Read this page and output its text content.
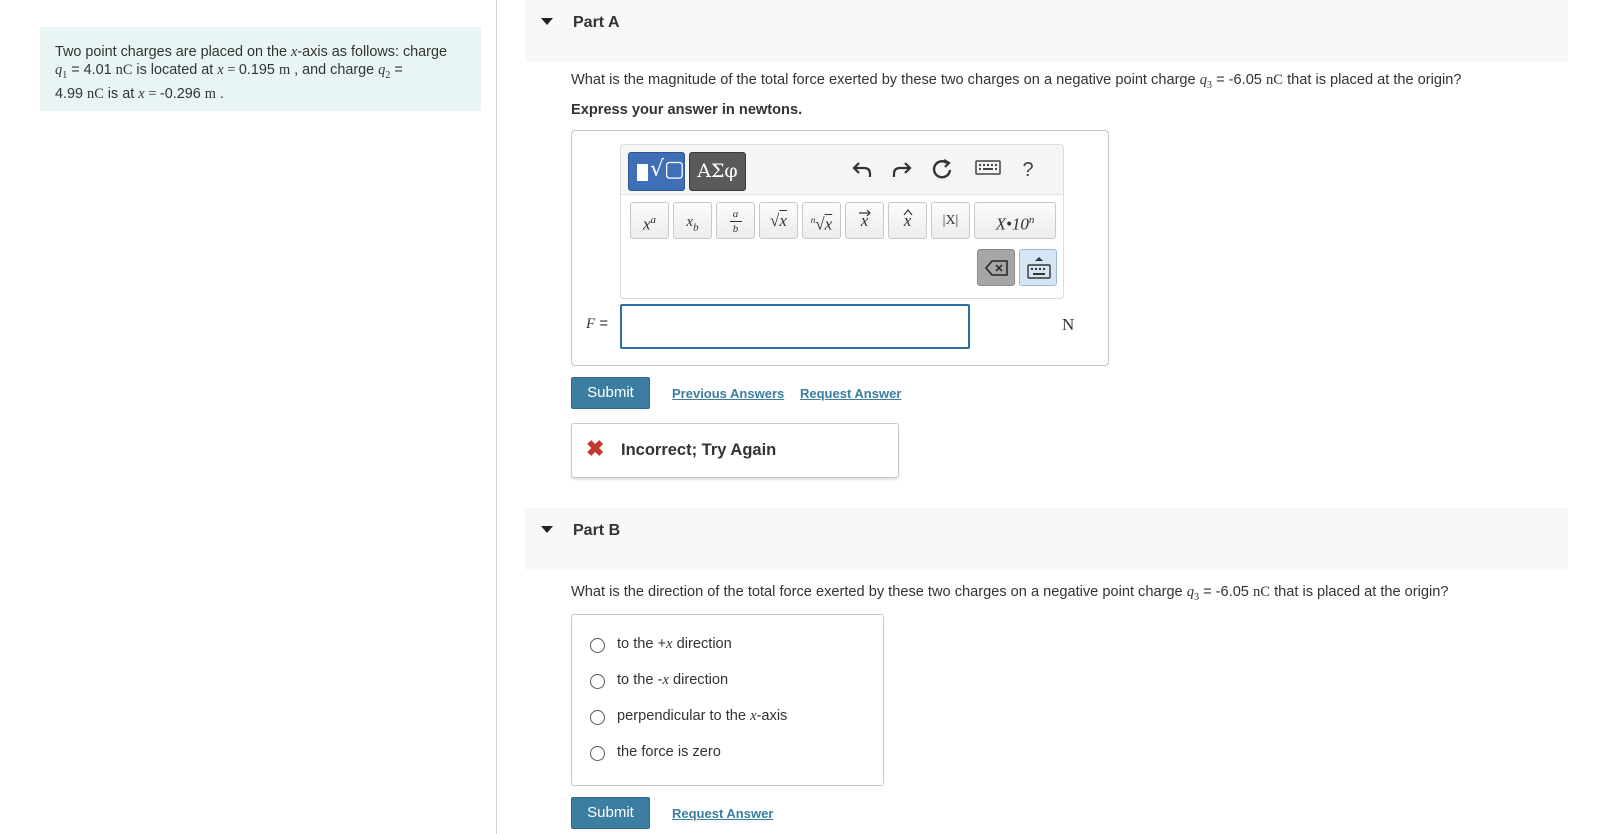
Two point charges are placed on the x-axis as follows: charge
$q_1 = 4.01$ nC is located at x = 0.195 m , and charge $q_2$ =
4.99 nC is at x = -0.296 m .
Part A
What is the magnitude of the total force exerted by these two charges on a negative point charge $q_3 = -6.05$ nC that is placed at the origin?
Express your answer in newtons.
√▢ ΑΣφ	?
$x^a$	$x_b$
a
b	√x	$^n$√x	x	x	|X|	X•10$^n$
F =	N
Submit	Previous Answers Request Answer
✖ Incorrect; Try Again
Part B
What is the direction of the total force exerted by these two charges on a negative point charge $q_3 = -6.05$ nC that is placed at the origin?
to the +x direction
to the -x direction
perpendicular to the x-axis
the force is zero
Submit	Request Answer
